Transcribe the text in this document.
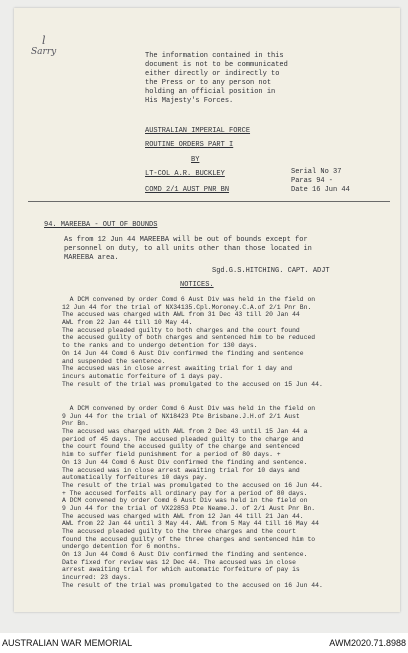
l
Sarry	The information contained in this
document is not to be communicated
either directly or indirectly to
the Press or to any person not
holding an official position in
His Majesty's Forces.
AUSTRALIAN IMPERIAL FORCE
ROUTINE ORDERS PART I
BY
LT-COL A.R. BUCKLEY
COMD 2/1 AUST PNR BN
Serial No 37
Paras 94 -
Date 16 Jun 44
94. MAREEBA - OUT OF BOUNDS
As from 12 Jun 44 MAREEBA will be out of bounds except for
personnel on duty, to all units other than those located in
MAREEBA area.
Sgd.G.S.HITCHING. CAPT. ADJT
NOTICES.
A DCM convened by order Comd 6 Aust Div was held in the field on
12 Jun 44 for the trial of NX34135.Cpl.Moroney.C.A.of 2/1 Pnr Bn.
The accused was charged with AWL from 31 Dec 43 till 20 Jan 44
AWL from 22 Jan 44 till 10 May 44.
The accused pleaded guilty to both charges and the court found
the accused guilty of both charges and sentenced him to be reduced
to the ranks and to undergo detention for 130 days.
On 14 Jun 44 Comd 6 Aust Div confirmed the finding and sentence
and suspended the sentence.
The accused was in close arrest awaiting trial for 1 day and
incurs automatic forfeiture of 1 days pay.
The result of the trial was promulgated to the accused on 15 Jun 44.
A DCM convened by order Comd 6 Aust Div was held in the field on
9 Jun 44 for the trial of NX18423 Pte Brisbane.J.H.of 2/1 Aust
Pnr Bn.
The accused was charged with AWL from 2 Dec 43 until 15 Jan 44 a
period of 45 days. The accused pleaded guilty to the charge and
the court found the accused guilty of the charge and sentenced
him to suffer field punishment for a period of 80 days. +
On 13 Jun 44 Comd 6 Aust Div confirmed the finding and sentence.
The accused was in close arrest awaiting trial for 10 days and
automatically forfeitures 10 days pay.
The result of the trial was promulgated to the accused on 16 Jun 44.
+ The accused forfeits all ordinary pay for a period of 80 days.
A DCM convened by order Comd 6 Aust Div was held in the field on
9 Jun 44 for the trial of VX22853 Pte Neame.J. of 2/1 Aust Pnr Bn.
The accused was charged with AWL from 12 Jan 44 till 21 Jan 44.
AWL from 22 Jan 44 until 3 May 44. AWL from 5 May 44 till 16 May 44
The accused pleaded guilty to the three charges and the court
found the accused guilty of the three charges and sentenced him to
undergo detention for 6 months.
On 13 Jun 44 Comd 6 Aust Div confirmed the finding and sentence.
Date fixed for review was 12 Dec 44. The accused was in close
arrest awaiting trial for which automatic forfeiture of pay is
incurred: 23 days.
The result of the trial was promulgated to the accused on 16 Jun 44.
AUSTRALIAN WAR MEMORIAL	AWM2020.71.8988
